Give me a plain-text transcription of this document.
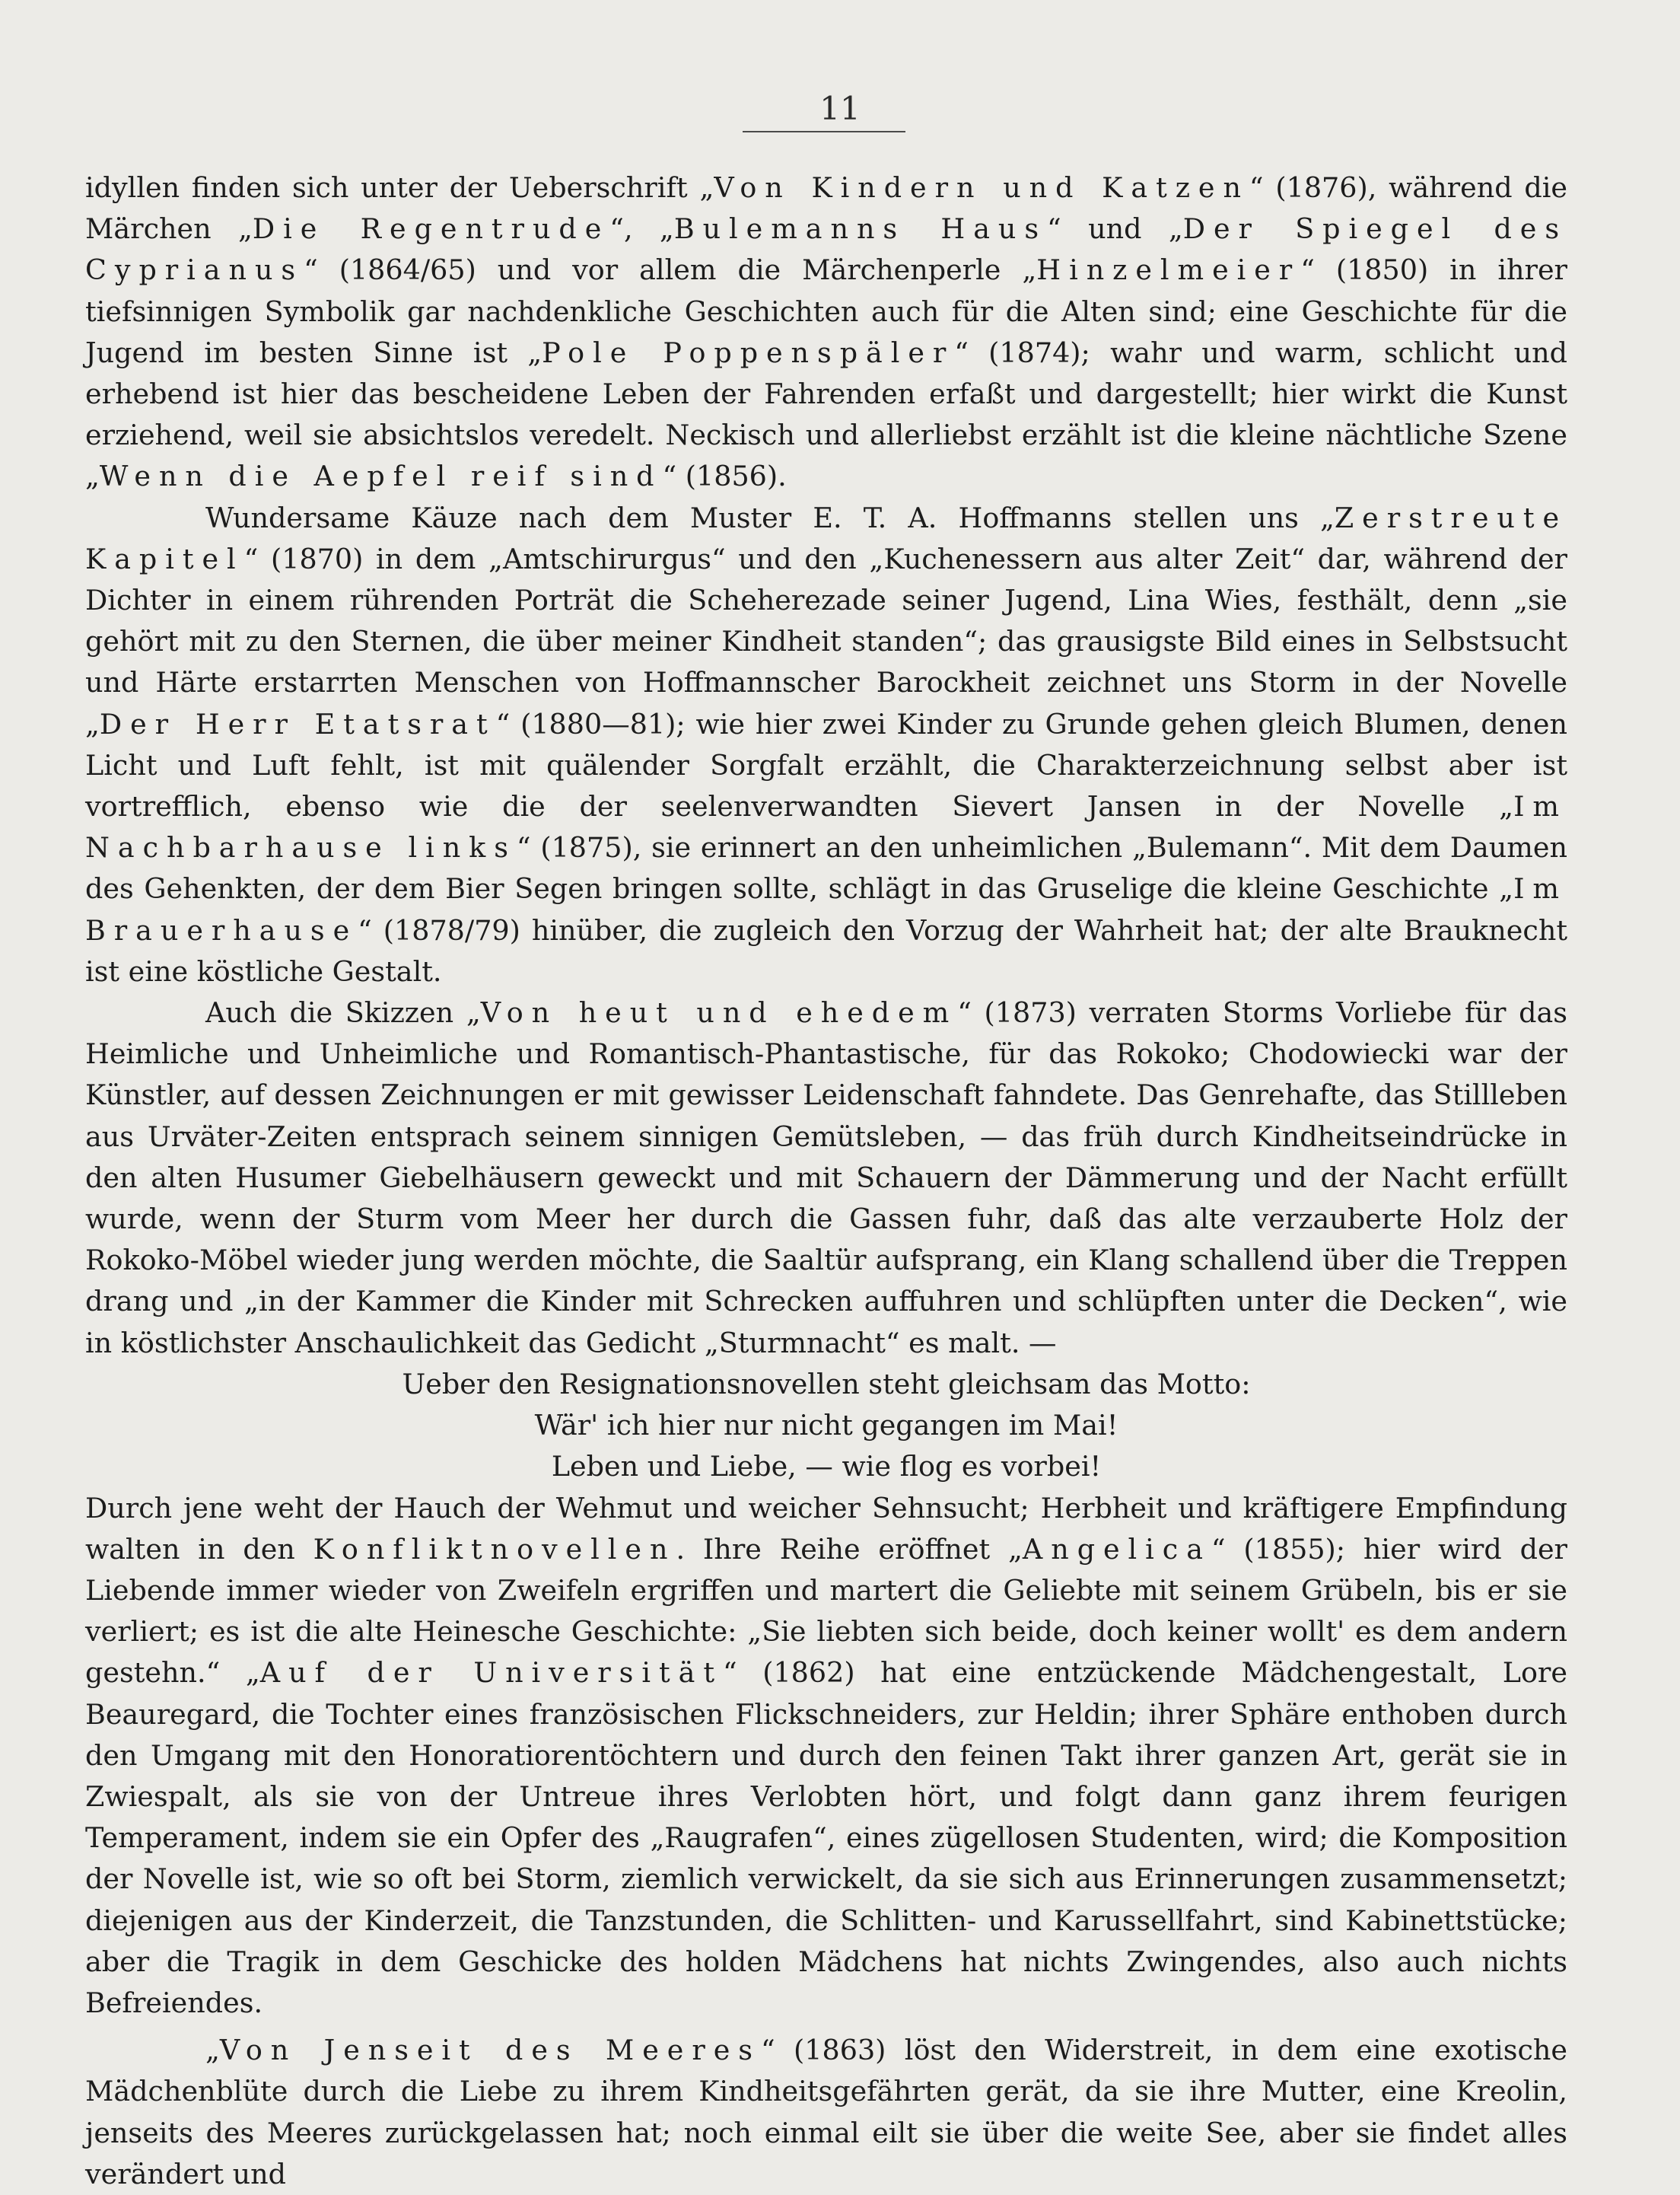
11

idyllen finden sich unter der Ueberschrift „Von Kindern und Katzen“ (1876), während die Märchen „Die Regentrude“, „Bulemanns Haus“ und „Der Spiegel des Cyprianus“ (1864/65) und vor allem die Märchenperle „Hinzelmeier“ (1850) in ihrer tiefsinnigen Symbolik gar nachdenkliche Geschichten auch für die Alten sind; eine Geschichte für die Jugend im besten Sinne ist „Pole Poppenspäler“ (1874); wahr und warm, schlicht und erhebend ist hier das bescheidene Leben der Fahrenden erfaßt und dargestellt; hier wirkt die Kunst erziehend, weil sie absichtslos veredelt. Neckisch und allerliebst erzählt ist die kleine nächtliche Szene „Wenn die Aepfel reif sind“ (1856).

Wundersame Käuze nach dem Muster E. T. A. Hoffmanns stellen uns „Zerstreute Kapitel“ (1870) in dem „Amtschirurgus“ und den „Kuchenessern aus alter Zeit“ dar, während der Dichter in einem rührenden Porträt die Scheherezade seiner Jugend, Lina Wies, festhält, denn „sie gehört mit zu den Sternen, die über meiner Kindheit standen“; das grausigste Bild eines in Selbstsucht und Härte erstarrten Menschen von Hoffmannscher Barockheit zeichnet uns Storm in der Novelle „Der Herr Etatsrat“ (1880—81); wie hier zwei Kinder zu Grunde gehen gleich Blumen, denen Licht und Luft fehlt, ist mit quälender Sorgfalt erzählt, die Charakterzeichnung selbst aber ist vortrefflich, ebenso wie die der seelenverwandten Sievert Jansen in der Novelle „Im Nachbarhause links“ (1875), sie erinnert an den unheimlichen „Bulemann“. Mit dem Daumen des Gehenkten, der dem Bier Segen bringen sollte, schlägt in das Gruselige die kleine Geschichte „Im Brauerhause“ (1878/79) hinüber, die zugleich den Vorzug der Wahrheit hat; der alte Brauknecht ist eine köstliche Gestalt.

Auch die Skizzen „Von heut und ehedem“ (1873) verraten Storms Vorliebe für das Heimliche und Unheimliche und Romantisch-Phantastische, für das Rokoko; Chodowiecki war der Künstler, auf dessen Zeichnungen er mit gewisser Leidenschaft fahndete. Das Genrehafte, das Stillleben aus Urväter-Zeiten entsprach seinem sinnigen Gemütsleben, — das früh durch Kindheitseindrücke in den alten Husumer Giebelhäusern geweckt und mit Schauern der Dämmerung und der Nacht erfüllt wurde, wenn der Sturm vom Meer her durch die Gassen fuhr, daß das alte verzauberte Holz der Rokoko-Möbel wieder jung werden möchte, die Saaltür aufsprang, ein Klang schallend über die Treppen drang und „in der Kammer die Kinder mit Schrecken auffuhren und schlüpften unter die Decken“, wie in köstlichster Anschaulichkeit das Gedicht „Sturmnacht“ es malt. —

Ueber den Resignationsnovellen steht gleichsam das Motto:

Wär' ich hier nur nicht gegangen im Mai!

Leben und Liebe, — wie flog es vorbei!

Durch jene weht der Hauch der Wehmut und weicher Sehnsucht; Herbheit und kräftigere Empfindung walten in den Konfliktnovellen. Ihre Reihe eröffnet „Angelica“ (1855); hier wird der Liebende immer wieder von Zweifeln ergriffen und martert die Geliebte mit seinem Grübeln, bis er sie verliert; es ist die alte Heinesche Geschichte: „Sie liebten sich beide, doch keiner wollt' es dem andern gestehn.“ „Auf der Universität“ (1862) hat eine entzückende Mädchengestalt, Lore Beauregard, die Tochter eines französischen Flickschneiders, zur Heldin; ihrer Sphäre enthoben durch den Umgang mit den Honoratiorentöchtern und durch den feinen Takt ihrer ganzen Art, gerät sie in Zwiespalt, als sie von der Untreue ihres Verlobten hört, und folgt dann ganz ihrem feurigen Temperament, indem sie ein Opfer des „Raugrafen“, eines zügellosen Studenten, wird; die Komposition der Novelle ist, wie so oft bei Storm, ziemlich verwickelt, da sie sich aus Erinnerungen zusammensetzt; diejenigen aus der Kinderzeit, die Tanzstunden, die Schlitten- und Karussellfahrt, sind Kabinettstücke; aber die Tragik in dem Geschicke des holden Mädchens hat nichts Zwingendes, also auch nichts Befreiendes.

„Von Jenseit des Meeres“ (1863) löst den Widerstreit, in dem eine exotische Mädchenblüte durch die Liebe zu ihrem Kindheitsgefährten gerät, da sie ihre Mutter, eine Kreolin, jenseits des Meeres zurückgelassen hat; noch einmal eilt sie über die weite See, aber sie findet alles verändert und
